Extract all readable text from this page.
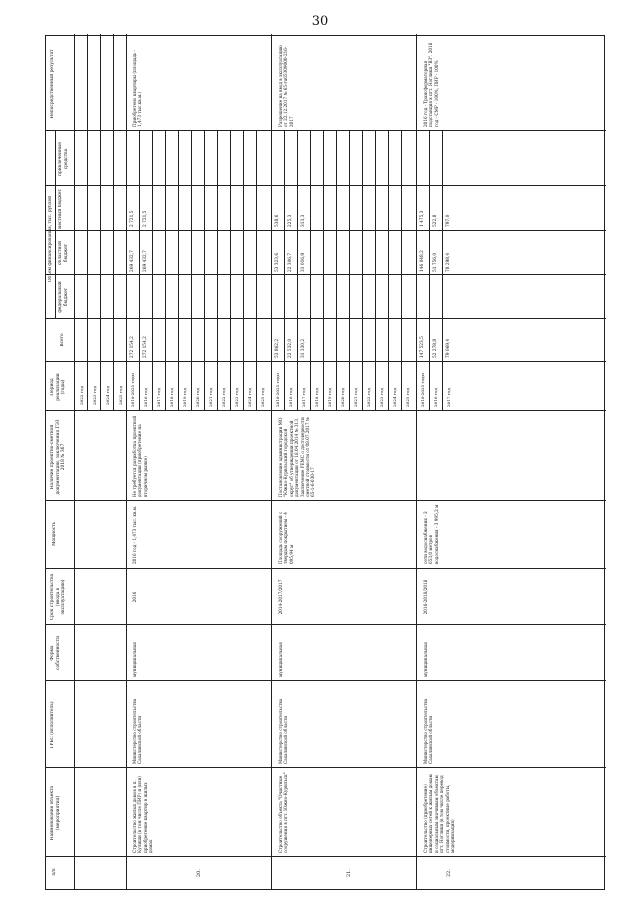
30
п/п
Наименование объекта (мероприятия)
ГРБС (исполнитель)
Форма собственности
Срок строительства (ввода в эксплуатацию)
Мощность
Наличие проектно-сметной документации, заключения ГЭЗ 2018 № 367
Период реализации (годы)
Объем финансирования, тыс. рублей
Всего
федеральный бюджет
областной бюджет
местный бюджет
привлеченные средства
Непосредственный результат
2022 год 2023 год 2024 год 2025 год
Строительство жилых домов в п. Кулиши (в том числе ПИР) и (или) приобретение квартир в жилых домах
Министерство строительства Сахалинской области
муниципальная
2016
2016 год - 1,473 тыс. кв.м.
Не требуется разработка проектной документации (приобретение на вторичном рынке)
Приобретено квартиры (площадь - 1,473 тыс.кв.м.)
20.
Строительство объекта "Очистные сооружения в пгт. Южно-Курильск"
Министерство строительства Сахалинской области
муниципальная
2014-2017/2017
Площадь сооружений с твердым покрытием - 4 095,94 м
Постановление администрации МО "Южно-Курильский городской округ" об утверждении проектной документации от 18.04.2014 № 313. Заключение РЕМС о достоверности сметной стоимости от 08.07.2017 № 65-1-6-030-17
Разрешение на ввод в эксплуатацию от 22.12.2017 № 65-ru65309000-216-2017
21.
Строительство (приобретение) инженерных сетей к жилым домам и социальным значимым объектам пгт. Ноглики (в том числе перевод стоимости, проектные работы, модернизация)
Министерство строительства Сахалинской области
муниципальная
2016-2018/2018
сети водоснабжения - 2 653,0 метров водоснабжения - 3 995,2 м
2016 год - Трансформаторная подстанция в пгт. Ноглики "ВЗ". 2018 год - СМР - 100%, ПИР - 100%
22.
2016-2025 годы 2016 год 2017 год 2018 год 2019 год 2020 год 2021 год 2022 год 2023 год 2024 год 2025 год
272 154,2 272 154,2
269 432,7 269 432,7
2 721,5 2 721,5
2016-2025 годы 2016 год 2017 год 2018 год 2019 год 2020 год 2021 год 2022 год 2023 год 2024 год 2025 год
53 862,2 22 532,0 31 330,2
53 323,6 22 306,7 31 016,9
538,6 225,3 313,3
2016-2025 годы 2016 год 2017 год
147 523,5 52 278,8 79 069,4
146 048,2 51 756,0 78 298,4
1 475,3 522,8 797,0
